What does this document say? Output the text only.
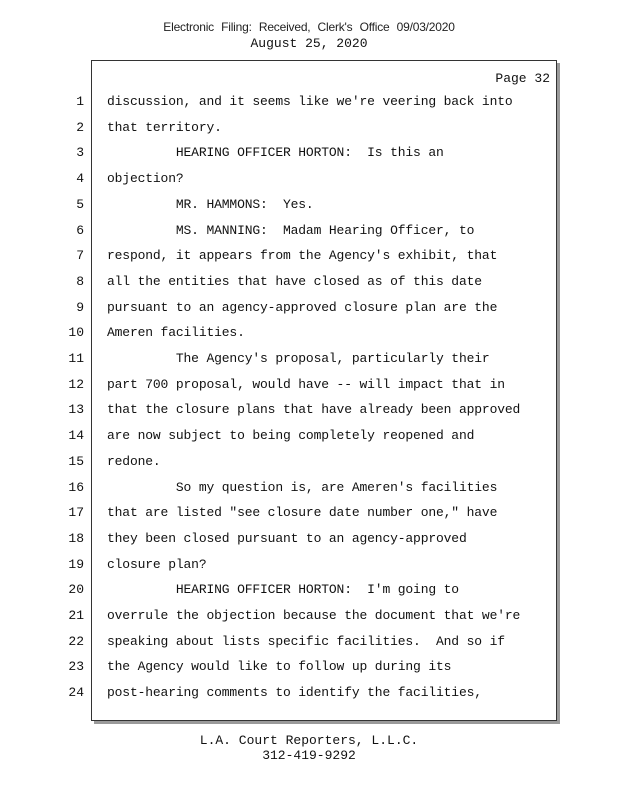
Electronic Filing: Received, Clerk's Office 09/03/2020
August 25, 2020
Page 32
1 discussion, and it seems like we're veering back into
2 that territory.
3 HEARING OFFICER HORTON:  Is this an
4 objection?
5 MR. HAMMONS:  Yes.
6 MS. MANNING:  Madam Hearing Officer, to
7 respond, it appears from the Agency's exhibit, that
8 all the entities that have closed as of this date
9 pursuant to an agency-approved closure plan are the
10 Ameren facilities.
11 The Agency's proposal, particularly their
12 part 700 proposal, would have -- will impact that in
13 that the closure plans that have already been approved
14 are now subject to being completely reopened and
15 redone.
16 So my question is, are Ameren's facilities
17 that are listed "see closure date number one," have
18 they been closed pursuant to an agency-approved
19 closure plan?
20 HEARING OFFICER HORTON:  I'm going to
21 overrule the objection because the document that we're
22 speaking about lists specific facilities.  And so if
23 the Agency would like to follow up during its
24 post-hearing comments to identify the facilities,
L.A. Court Reporters, L.L.C.
312-419-9292
